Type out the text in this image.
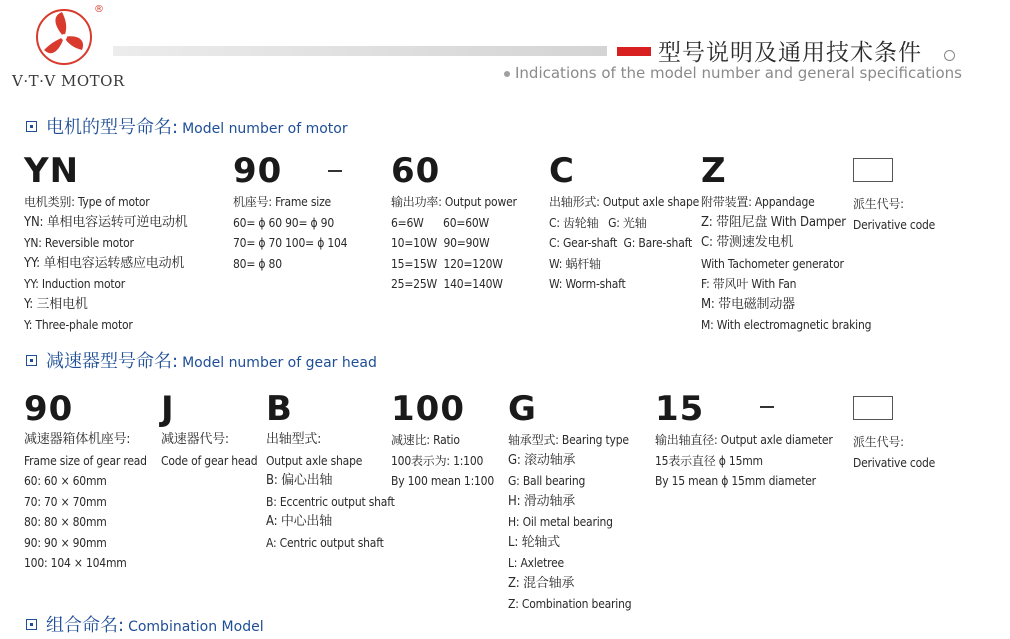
®
V·T·V MOTOR
型号说明及通用技术条件
Indications of the model number and general specifications
电机的型号命名: Model number of motor
YN
电机类别: Type of motor
YN: 单相电容运转可逆电动机
YN: Reversible motor
YY: 单相电容运转感应电动机
YY: Induction motor
Y: 三相电机
Y: Three-phale motor
90
机座号: Frame size
60= ϕ 60 90= ϕ 90
70= ϕ 70 100= ϕ 104
80= ϕ 80
60
输出功率: Output power
6=6W      60=60W
10=10W  90=90W
15=15W  120=120W
25=25W  140=140W
C
出轴形式: Output axle shape
C: 齿轮轴   G: 光轴
C: Gear-shaft  G: Bare-shaft
W: 蜗杆轴
W: Worm-shaft
Z
附带装置: Appandage
Z: 带阻尼盘 With Damper
C: 带测速发电机
With Tachometer generator
F: 带风叶 With Fan
M: 带电磁制动器
M: With electromagnetic braking
派生代号:
Derivative code
减速器型号命名: Model number of gear head
90
减速器箱体机座号:
Frame size of gear read
60: 60 × 60mm
70: 70 × 70mm
80: 80 × 80mm
90: 90 × 90mm
100: 104 × 104mm
J
减速器代号:
Code of gear head
B
出轴型式:
Output axle shape
B: 偏心出轴
B: Eccentric output shaft
A: 中心出轴
A: Centric output shaft
100
减速比: Ratio
100表示为: 1:100
By 100 mean 1:100
G
轴承型式: Bearing type
G: 滚动轴承
G: Ball bearing
H: 滑动轴承
H: Oil metal bearing
L: 轮轴式
L: Axletree
Z: 混合轴承
Z: Combination bearing
15
输出轴直径: Output axle diameter
15表示直径 ϕ 15mm
By 15 mean ϕ 15mm diameter
派生代号:
Derivative code
组合命名: Combination Model
